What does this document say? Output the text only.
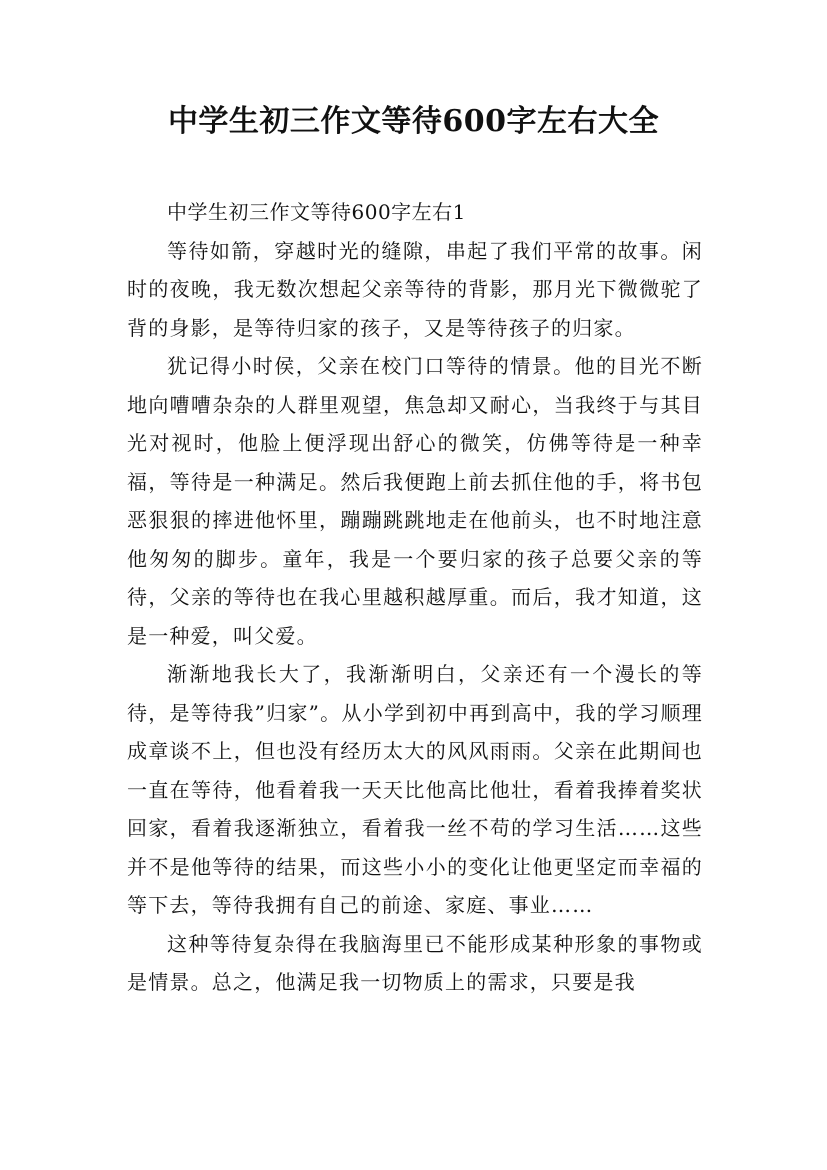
中学生初三作文等待600字左右大全

中学生初三作文等待600字左右1

等待如箭，穿越时光的缝隙，串起了我们平常的故事。闲时的夜晚，我无数次想起父亲等待的背影，那月光下微微驼了背的身影，是等待归家的孩子，又是等待孩子的归家。

犹记得小时侯，父亲在校门口等待的情景。他的目光不断地向嘈嘈杂杂的人群里观望，焦急却又耐心，当我终于与其目光对视时，他脸上便浮现出舒心的微笑，仿佛等待是一种幸福，等待是一种满足。然后我便跑上前去抓住他的手，将书包恶狠狠的摔进他怀里，蹦蹦跳跳地走在他前头，也不时地注意他匆匆的脚步。童年，我是一个要归家的孩子总要父亲的等待，父亲的等待也在我心里越积越厚重。而后，我才知道，这是一种爱，叫父爱。

渐渐地我长大了，我渐渐明白，父亲还有一个漫长的等待，是等待我”归家”。从小学到初中再到高中，我的学习顺理成章谈不上，但也没有经历太大的风风雨雨。父亲在此期间也一直在等待，他看着我一天天比他高比他壮，看着我捧着奖状回家，看着我逐渐独立，看着我一丝不苟的学习生活……这些并不是他等待的结果，而这些小小的变化让他更坚定而幸福的等下去，等待我拥有自己的前途、家庭、事业……

这种等待复杂得在我脑海里已不能形成某种形象的事物或是情景。总之，他满足我一切物质上的需求，只要是我
